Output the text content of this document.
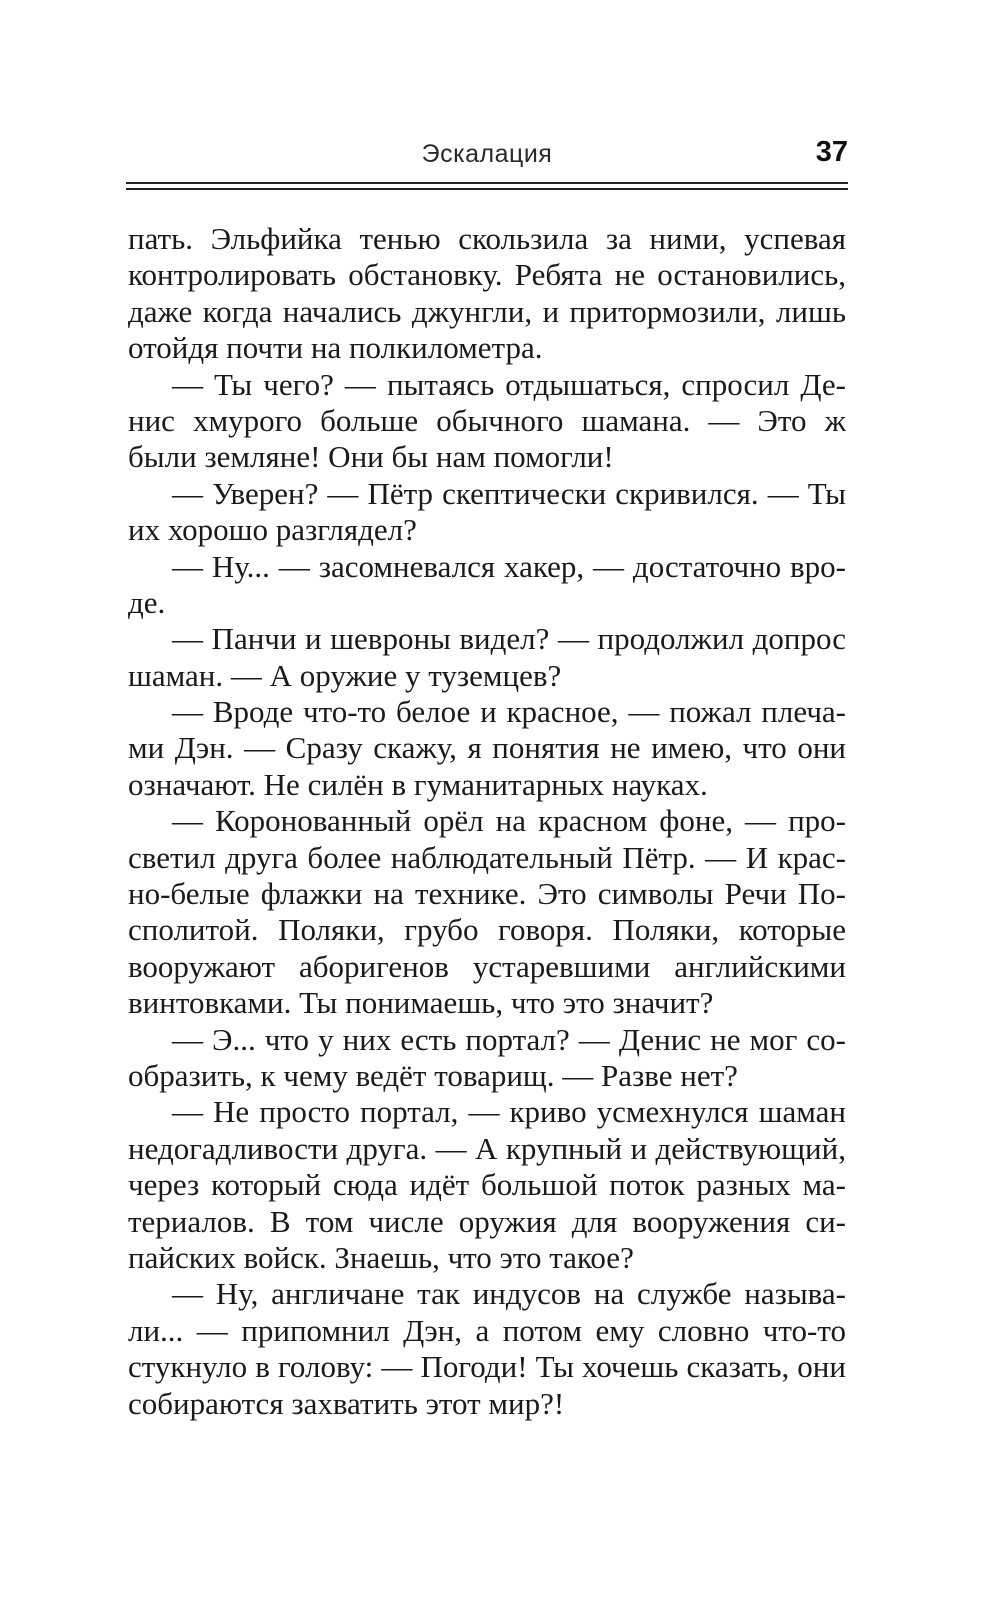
Эскалация	37
пать. Эльфийка тенью скользила за ними, успевая
контролировать обстановку. Ребята не остановились,
даже когда начались джунгли, и притормозили, лишь
отойдя почти на полкилометра.
— Ты чего? — пытаясь отдышаться, спросил Де-
нис хмурого больше обычного шамана. — Это ж
были земляне! Они бы нам помогли!
— Уверен? — Пётр скептически скривился. — Ты
их хорошо разглядел?
— Ну... — засомневался хакер, — достаточно вро-
де.
— Панчи и шевроны видел? — продолжил допрос
шаман. — А оружие у туземцев?
— Вроде что-то белое и красное, — пожал плеча-
ми Дэн. — Сразу скажу, я понятия не имею, что они
означают. Не силён в гуманитарных науках.
— Коронованный орёл на красном фоне, — про-
светил друга более наблюдательный Пётр. — И крас-
но-белые флажки на технике. Это символы Речи По-
сполитой. Поляки, грубо говоря. Поляки, которые
вооружают аборигенов устаревшими английскими
винтовками. Ты понимаешь, что это значит?
— Э... что у них есть портал? — Денис не мог со-
образить, к чему ведёт товарищ. — Разве нет?
— Не просто портал, — криво усмехнулся шаман
недогадливости друга. — А крупный и действующий,
через который сюда идёт большой поток разных ма-
териалов. В том числе оружия для вооружения си-
пайских войск. Знаешь, что это такое?
— Ну, англичане так индусов на службе называ-
ли... — припомнил Дэн, а потом ему словно что-то
стукнуло в голову: — Погоди! Ты хочешь сказать, они
собираются захватить этот мир?!
